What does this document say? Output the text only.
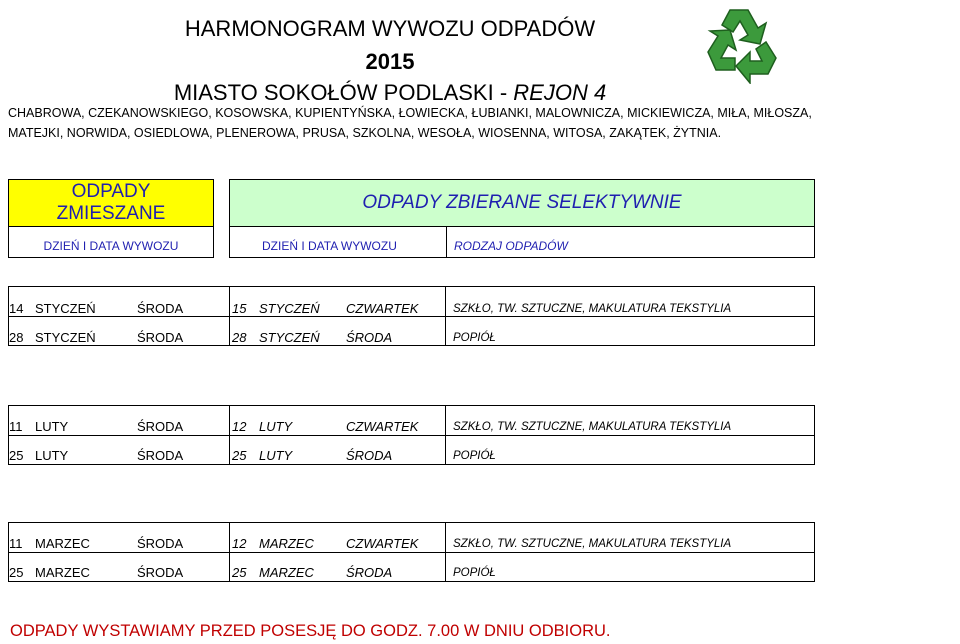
HARMONOGRAM WYWOZU ODPADÓW
2015
MIASTO SOKOŁÓW PODLASKI - REJON 4
CHABROWA, CZEKANOWSKIEGO, KOSOWSKA, KUPIENTYŃSKA, ŁOWIECKA, ŁUBIANKI, MALOWNICZA, MICKIEWICZA, MIŁA, MIŁOSZA,
MATEJKI, NORWIDA, OSIEDLOWA, PLENEROWA, PRUSA, SZKOLNA, WESOŁA, WIOSENNA, WITOSA, ZAKĄTEK, ŻYTNIA.
ODPADY
ZMIESZANE
ODPADY ZBIERANE SELEKTYWNIE
DZIEŃ I DATA WYWOZU	DZIEŃ I DATA WYWOZU	RODZAJ ODPADÓW
14 STYCZEŃ	ŚRODA	15 STYCZEŃ CZWARTEK	SZKŁO, TW. SZTUCZNE, MAKULATURA TEKSTYLIA
28 STYCZEŃ	ŚRODA	28 STYCZEŃ ŚRODA	POPIÓŁ
11 LUTY	ŚRODA	12 LUTY	CZWARTEK	SZKŁO, TW. SZTUCZNE, MAKULATURA TEKSTYLIA
25 LUTY	ŚRODA	25 LUTY	ŚRODA	POPIÓŁ
11 MARZEC	ŚRODA	12 MARZEC CZWARTEK	SZKŁO, TW. SZTUCZNE, MAKULATURA TEKSTYLIA
25 MARZEC	ŚRODA	25 MARZEC ŚRODA	POPIÓŁ
ODPADY WYSTAWIAMY PRZED POSESJĘ DO GODZ. 7.00 W DNIU ODBIORU.
